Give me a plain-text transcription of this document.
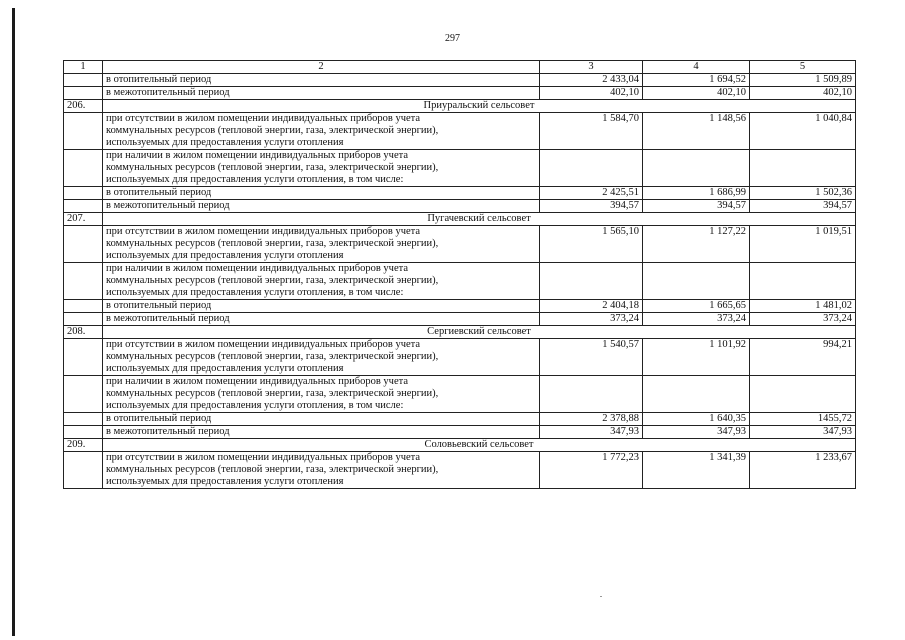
297
1	2	3	4	5

	в отопительный период	2 433,04	1 694,52	1 509,89

	в межотопительный период	402,10	402,10	402,10
206.	Приуральский сельсовет			

	при отсутствии в жилом помещении индивидуальных приборов учета
коммунальных ресурсов (тепловой энергии, газа, электрической энергии),
используемых для предоставления услуги отопления	1 584,70	1 148,56	1 040,84

	при наличии в жилом помещении индивидуальных приборов учета
коммунальных ресурсов (тепловой энергии, газа, электрической энергии),
используемых для предоставления услуги отопления, в том числе:			

	в отопительный период	2 425,51	1 686,99	1 502,36

	в межотопительный период	394,57	394,57	394,57
207.	Пугачевский сельсовет			

	при отсутствии в жилом помещении индивидуальных приборов учета
коммунальных ресурсов (тепловой энергии, газа, электрической энергии),
используемых для предоставления услуги отопления	1 565,10	1 127,22	1 019,51

	при наличии в жилом помещении индивидуальных приборов учета
коммунальных ресурсов (тепловой энергии, газа, электрической энергии),
используемых для предоставления услуги отопления, в том числе:			

	в отопительный период	2 404,18	1 665,65	1 481,02

	в межотопительный период	373,24	373,24	373,24
208.	Сергиевский сельсовет			

	при отсутствии в жилом помещении индивидуальных приборов учета
коммунальных ресурсов (тепловой энергии, газа, электрической энергии),
используемых для предоставления услуги отопления	1 540,57	1 101,92	994,21

	при наличии в жилом помещении индивидуальных приборов учета
коммунальных ресурсов (тепловой энергии, газа, электрической энергии),
используемых для предоставления услуги отопления, в том числе:			

	в отопительный период	2 378,88	1 640,35	1455,72

	в межотопительный период	347,93	347,93	347,93
209.	Соловьевский сельсовет			

	при отсутствии в жилом помещении индивидуальных приборов учета
коммунальных ресурсов (тепловой энергии, газа, электрической энергии),
используемых для предоставления услуги отопления	1 772,23	1 341,39	1 233,67
